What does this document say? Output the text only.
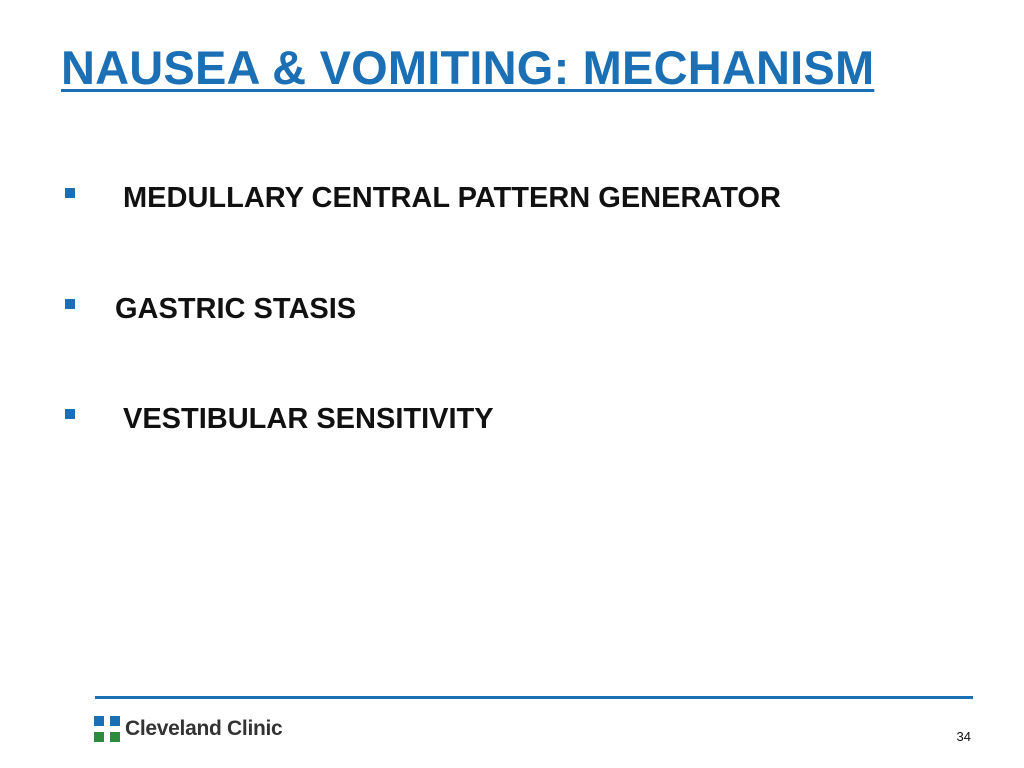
NAUSEA & VOMITING: MECHANISM
MEDULLARY CENTRAL PATTERN GENERATOR
GASTRIC STASIS
VESTIBULAR SENSITIVITY
Cleveland Clinic	34
